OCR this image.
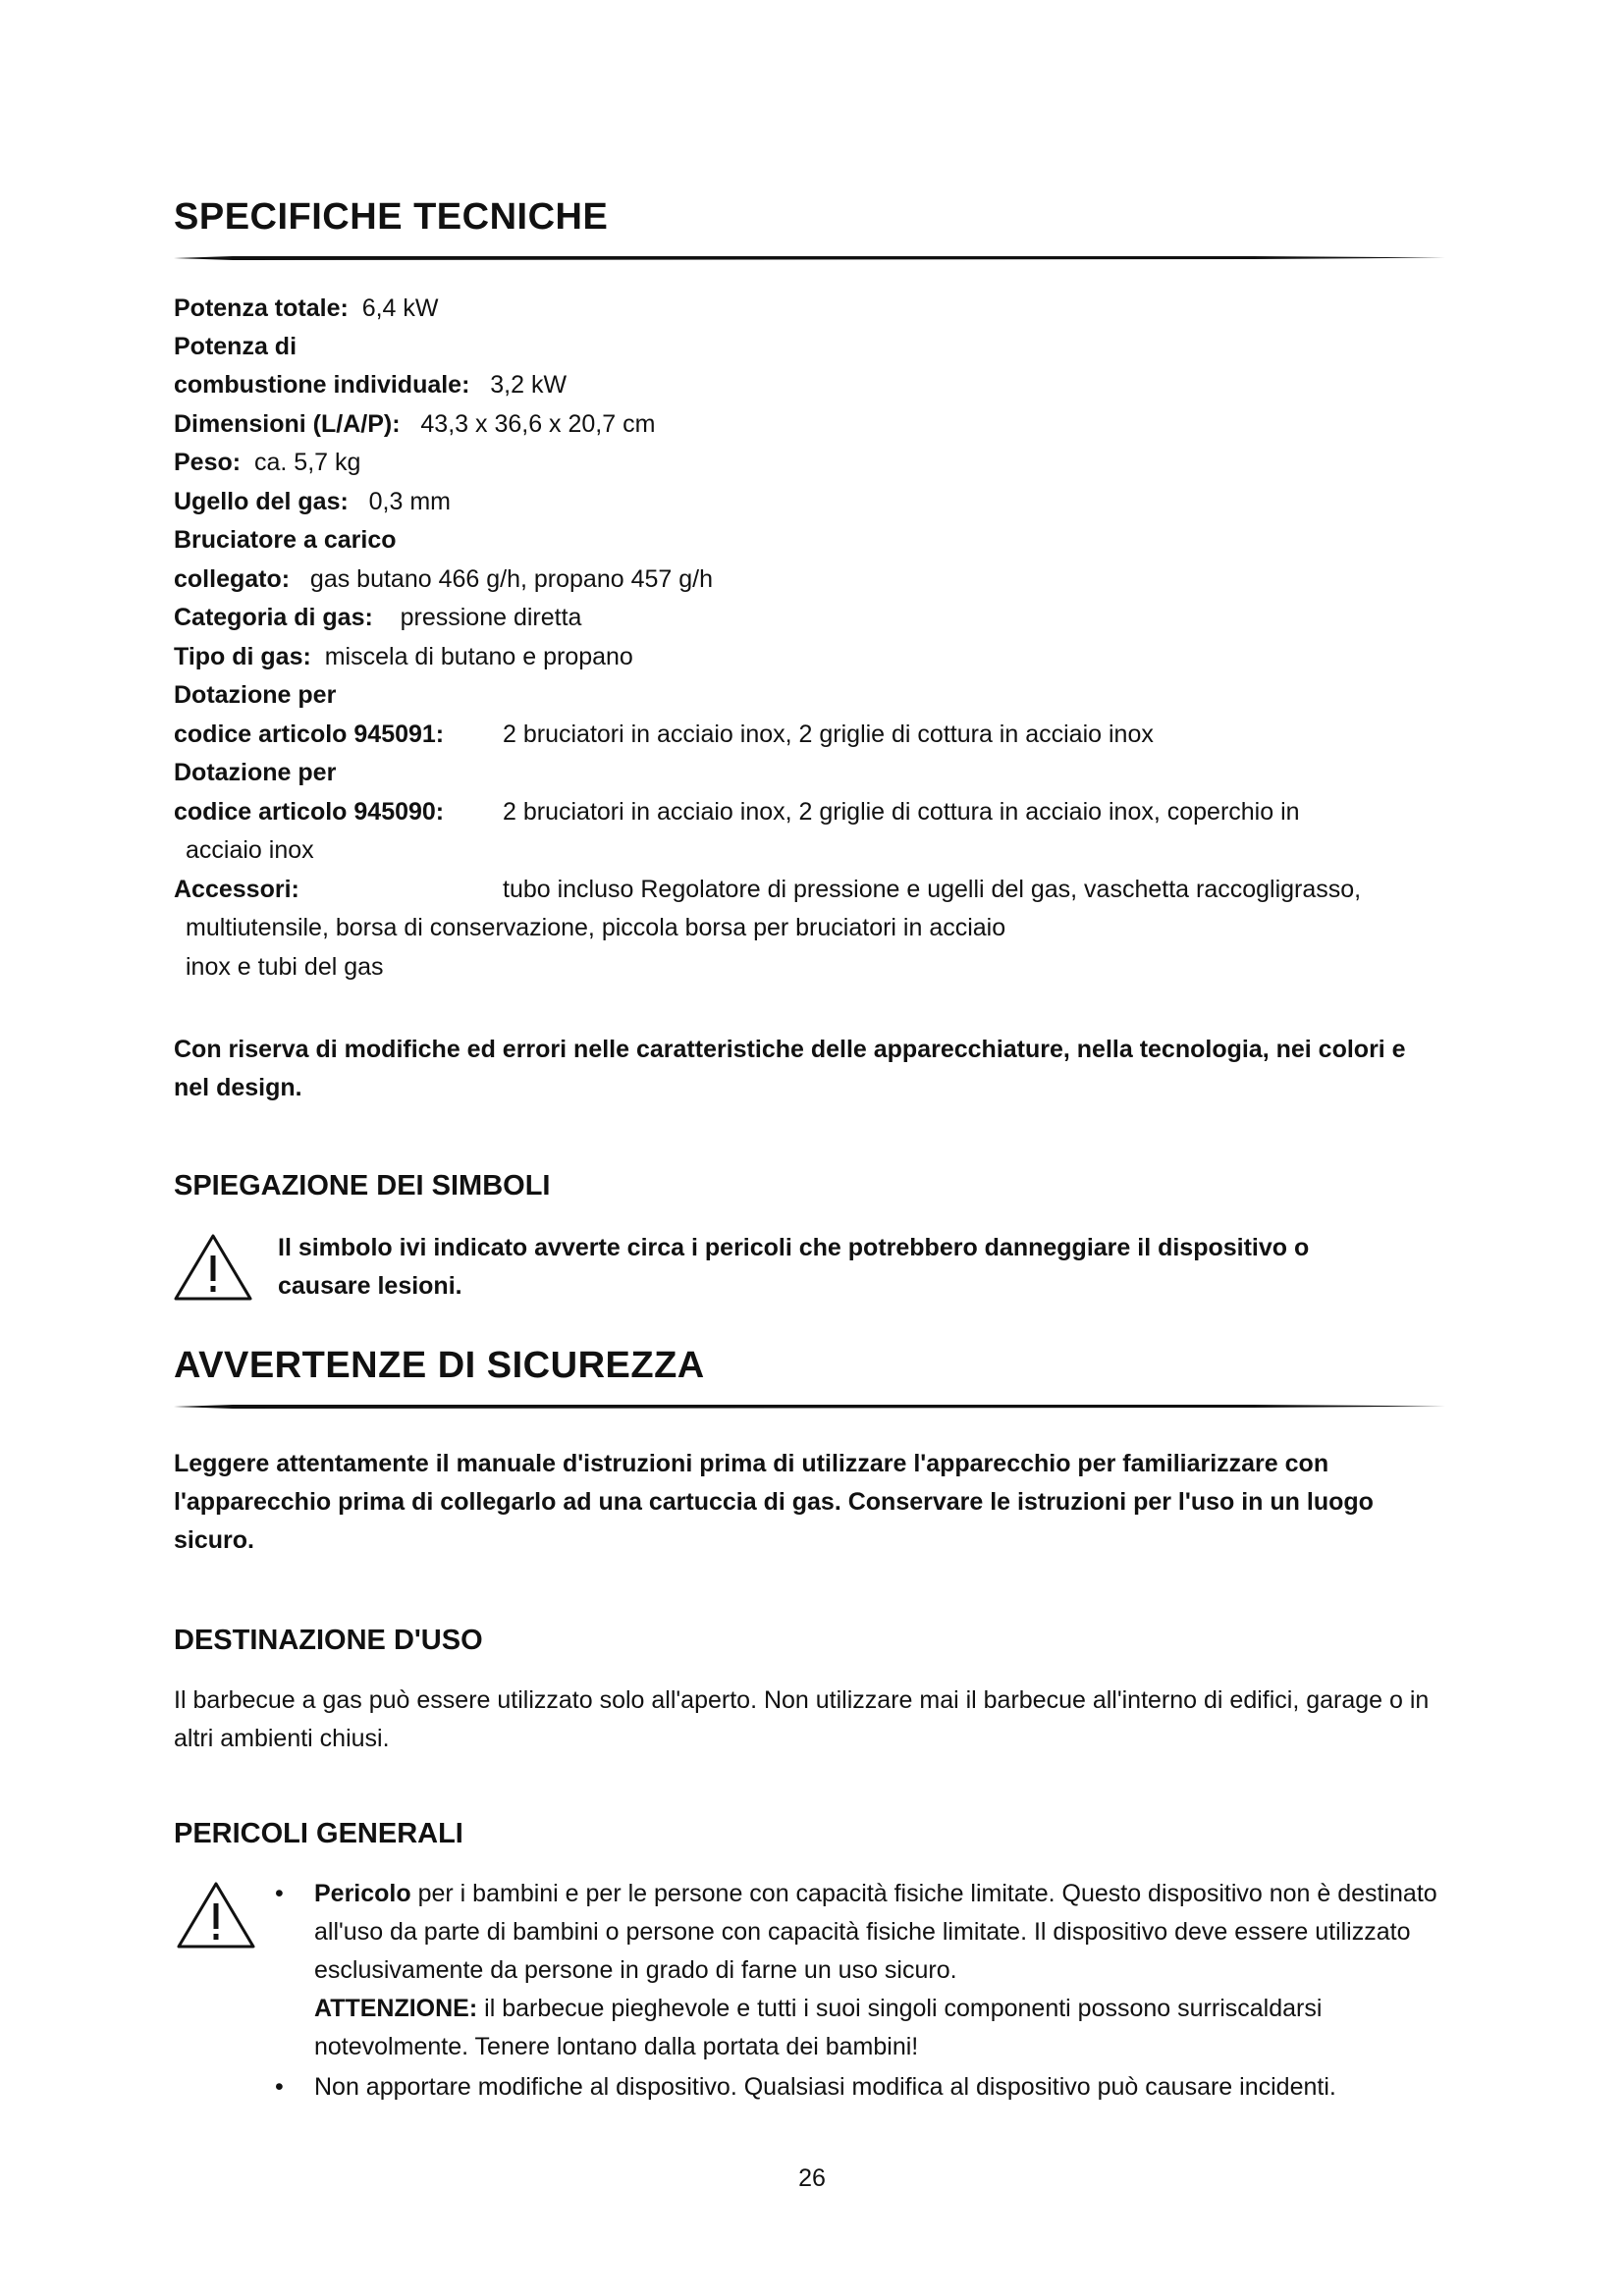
SPECIFICHE TECNICHE
Potenza totale: 6,4 kW
Potenza di
combustione individuale: 3,2 kW
Dimensioni (L/A/P): 43,3 x 36,6 x 20,7 cm
Peso: ca. 5,7 kg
Ugello del gas: 0,3 mm
Bruciatore a carico
collegato: gas butano 466 g/h, propano 457 g/h
Categoria di gas: pressione diretta
Tipo di gas: miscela di butano e propano
Dotazione per
codice articolo 945091: 2 bruciatori in acciaio inox, 2 griglie di cottura in acciaio inox
Dotazione per
codice articolo 945090: 2 bruciatori in acciaio inox, 2 griglie di cottura in acciaio inox, coperchio in
acciaio inox
Accessori:	tubo incluso Regolatore di pressione e ugelli del gas, vaschetta raccogligrasso,
multiutensile, borsa di conservazione, piccola borsa per bruciatori in acciaio
inox e tubi del gas

Con riserva di modifiche ed errori nelle caratteristiche delle apparecchiature, nella tecnologia, nei colori e nel design.

SPIEGAZIONE DEI SIMBOLI

Il simbolo ivi indicato avverte circa i pericoli che potrebbero danneggiare il dispositivo o causare lesioni.

AVVERTENZE DI SICUREZZA

Leggere attentamente il manuale d'istruzioni prima di utilizzare l'apparecchio per familiarizzare con l'apparecchio prima di collegarlo ad una cartuccia di gas. Conservare le istruzioni per l'uso in un luogo sicuro.

DESTINAZIONE D'USO

Il barbecue a gas può essere utilizzato solo all'aperto. Non utilizzare mai il barbecue all'interno di edifici, garage o in altri ambienti chiusi.

PERICOLI GENERALI
• Pericolo per i bambini e per le persone con capacità fisiche limitate. Questo dispositivo non è destinato all'uso da parte di bambini o persone con capacità fisiche limitate. Il dispositivo deve essere utilizzato esclusivamente da persone in grado di farne un uso sicuro.
ATTENZIONE: il barbecue pieghevole e tutti i suoi singoli componenti possono surriscaldarsi notevolmente. Tenere lontano dalla portata dei bambini!
• Non apportare modifiche al dispositivo. Qualsiasi modifica al dispositivo può causare incidenti.
26
